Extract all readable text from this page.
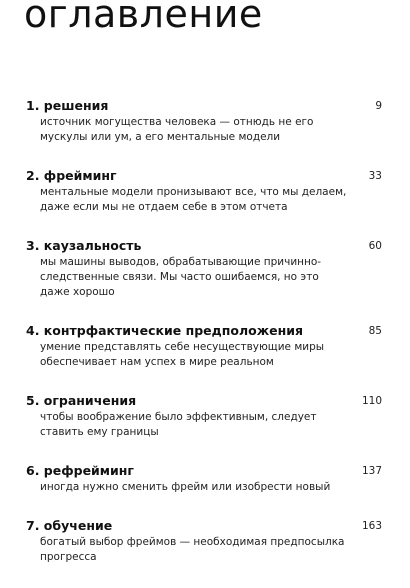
оглавление
1. решения	9
источник могущества человека — отнюдь не его мускулы или ум, а его ментальные модели
2. фрейминг	33
ментальные модели пронизывают все, что мы делаем, даже если мы не отдаем себе в этом отчета
3. каузальность	60
мы машины выводов, обрабатывающие причинно-следственные связи. Мы часто ошибаемся, но это даже хорошо
4. контрфактические предположения	85
умение представлять себе несуществующие миры обеспечивает нам успех в мире реальном
5. ограничения	110
чтобы воображение было эффективным, следует ставить ему границы
6. рефрейминг	137
иногда нужно сменить фрейм или изобрести новый
7. обучение	163
богатый выбор фреймов — необходимая предпосылка прогресса
